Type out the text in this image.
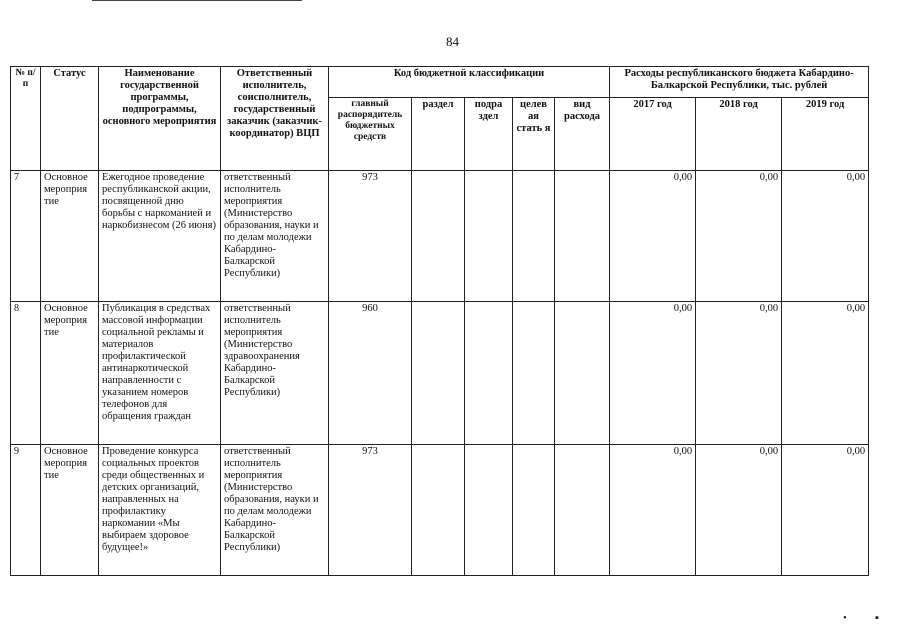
84
№ п/п	Статус	Наименование государственной программы, подпрограммы, основного мероприятия	Ответственный исполнитель, соисполнитель, государственный заказчик (заказчик-координатор) ВЦП	Код бюджетной классификации					Расходы республиканского бюджета Кабардино-Балкарской Республики, тыс. рублей		
				главный распорядитель бюджетных средств	раздел	подра здел	целев ая стать я	вид расхода	2017 год	2018 год	2019 год
7	Основное мероприя тие	Ежегодное проведение республиканской акции, посвященной дню борьбы с наркоманией и наркобизнесом (26 июня)	ответственный исполнитель мероприятия (Министерство образования, науки и по делам молодежи Кабардино-Балкарской Республики)	973					0,00	0,00	0,00
8	Основное мероприя тие	Публикация в средствах массовой информации социальной рекламы и материалов профилактической антинаркотической направленности с указанием номеров телефонов для обращения граждан	ответственный исполнитель мероприятия (Министерство здравоохранения Кабардино-Балкарской Республики)	960					0,00	0,00	0,00
9	Основное мероприя тие	Проведение конкурса социальных проектов среди общественных и детских организаций, направленных на профилактику наркомании «Мы выбираем здоровое будущее!»	ответственный исполнитель мероприятия (Министерство образования, науки и по делам молодежи Кабардино-Балкарской Республики)	973					0,00	0,00	0,00
•	▪
